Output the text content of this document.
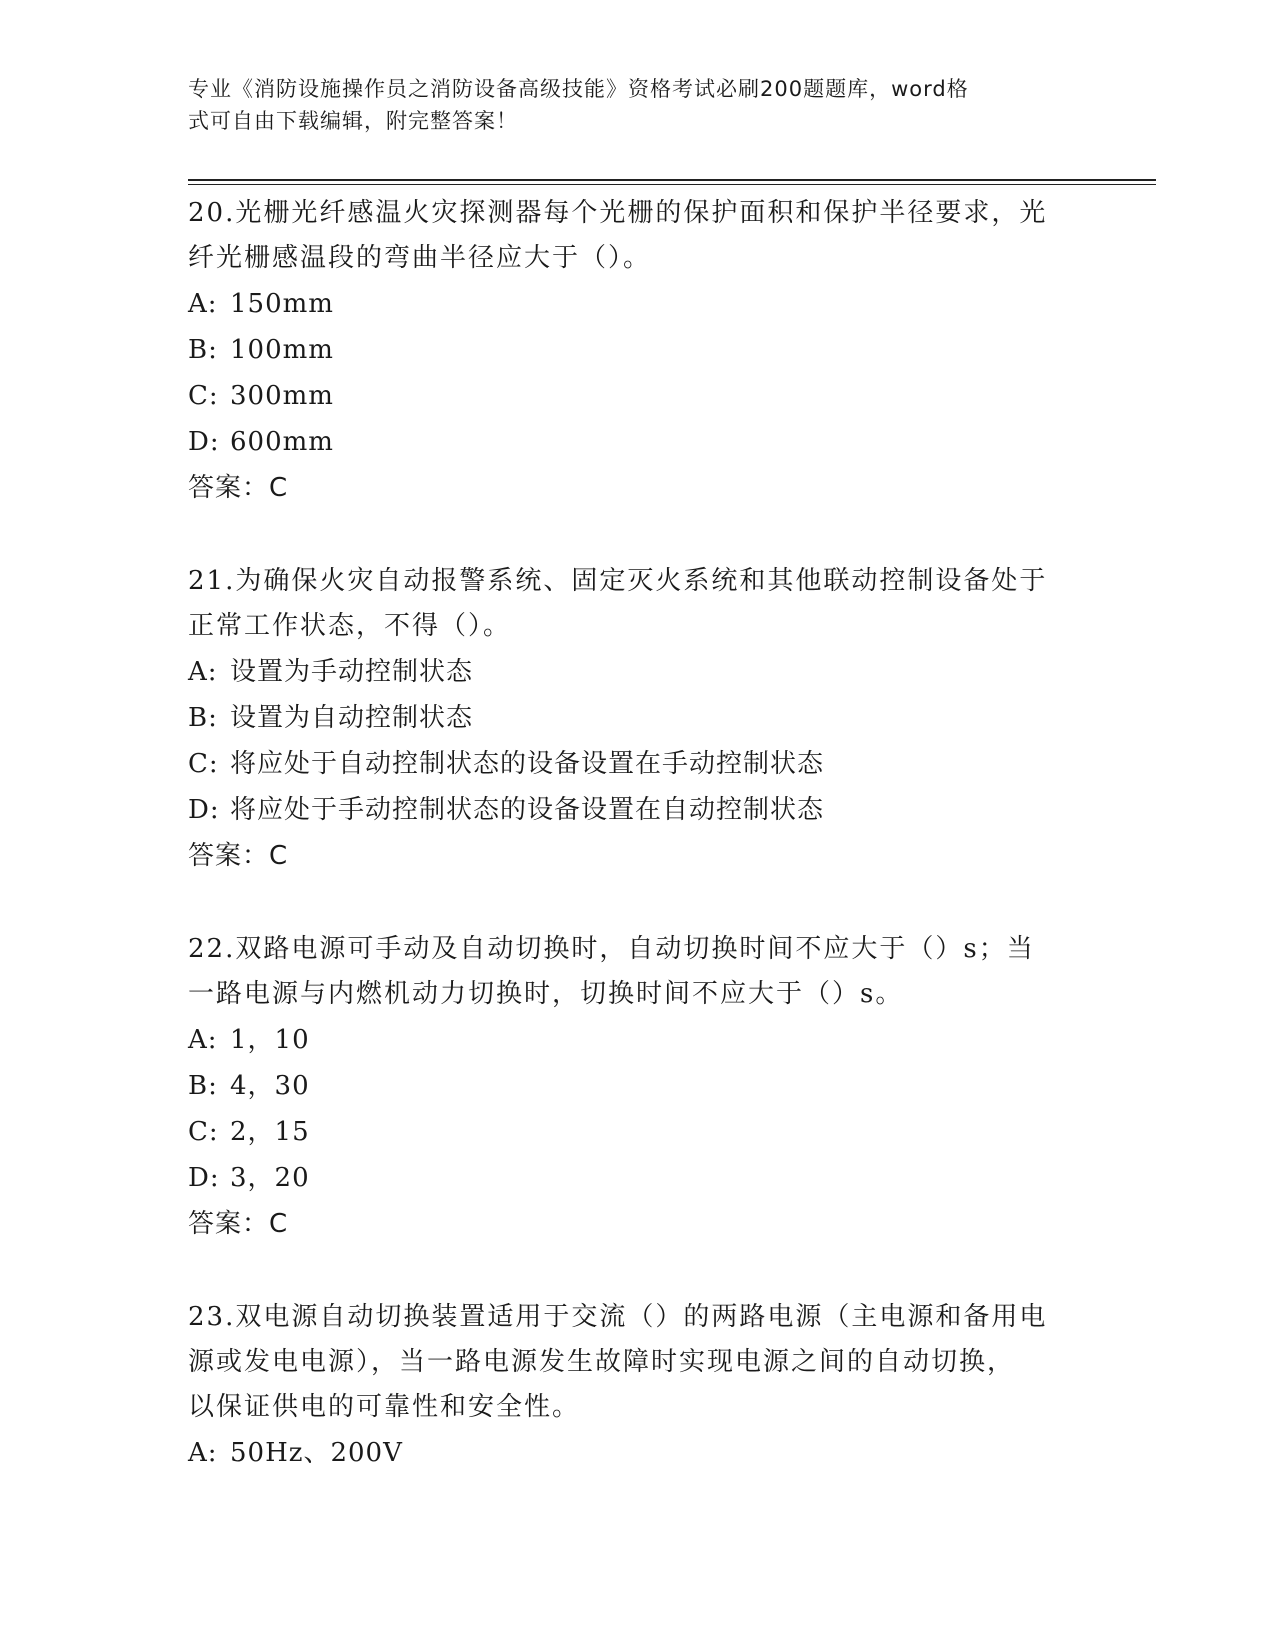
专业《消防设施操作员之消防设备高级技能》资格考试必刷200题题库，word格
式可自由下载编辑，附完整答案！
20.光栅光纤感温火灾探测器每个光栅的保护面积和保护半径要求，光
纤光栅感温段的弯曲半径应大于（）。
A: 150mm
B: 100mm
C: 300mm
D: 600mm
答案：C
21.为确保火灾自动报警系统、固定灭火系统和其他联动控制设备处于
正常工作状态，不得（）。
A: 设置为手动控制状态
B: 设置为自动控制状态
C: 将应处于自动控制状态的设备设置在手动控制状态
D: 将应处于手动控制状态的设备设置在自动控制状态
答案：C
22.双路电源可手动及自动切换时，自动切换时间不应大于（）s；当
一路电源与内燃机动力切换时，切换时间不应大于（）s。
A: 1，10
B: 4，30
C: 2，15
D: 3，20
答案：C
23.双电源自动切换装置适用于交流（）的两路电源（主电源和备用电
源或发电电源），当一路电源发生故障时实现电源之间的自动切换，
以保证供电的可靠性和安全性。
A: 50Hz、200V
